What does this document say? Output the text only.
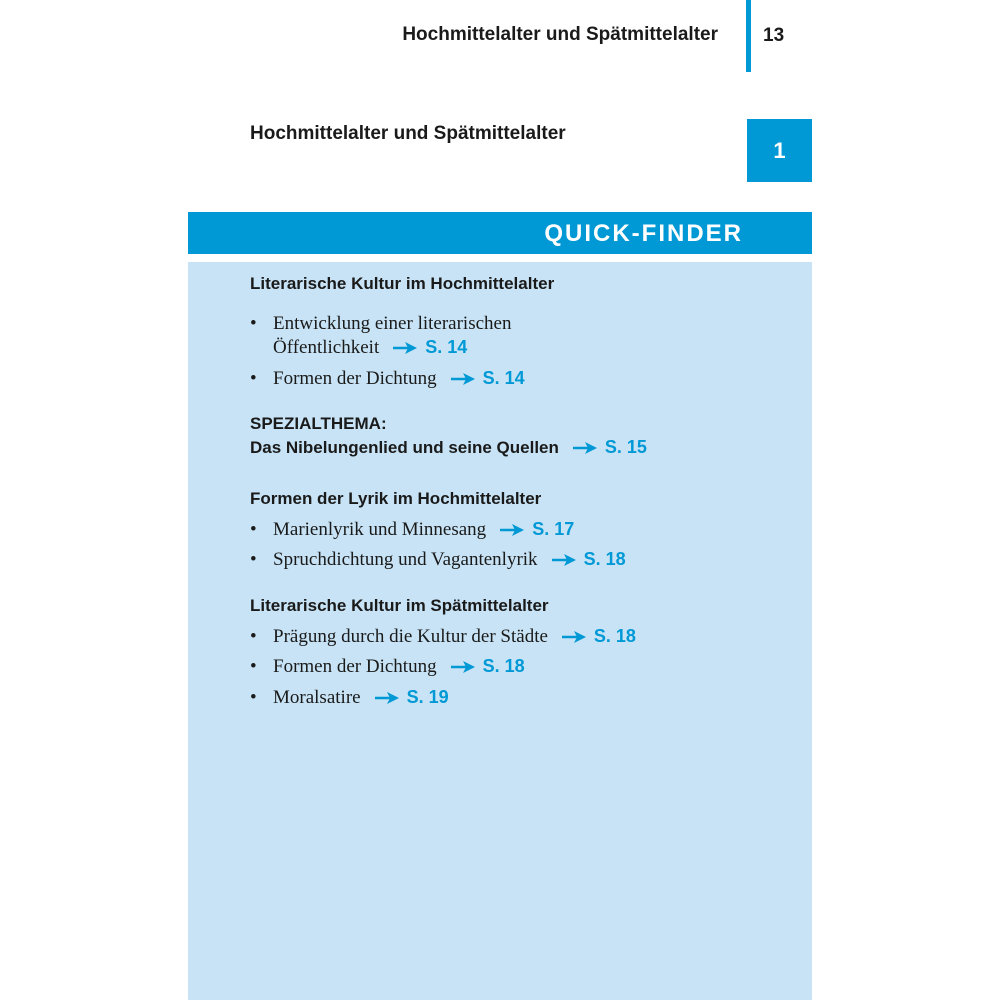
Hochmittelalter und Spätmittelalter 13
Hochmittelalter und Spätmittelalter
1
QUICK-FINDER
Literarische Kultur im Hochmittelalter
• Entwicklung einer literarischen
Öffentlichkeit	S. 14
• Formen der Dichtung	S. 14
SPEZIALTHEMA:
Das Nibelungenlied und seine Quellen	S. 15
Formen der Lyrik im Hochmittelalter
• Marienlyrik und Minnesang	S. 17
• Spruchdichtung und Vagantenlyrik	S. 18
Literarische Kultur im Spätmittelalter
• Prägung durch die Kultur der Städte	S. 18
• Formen der Dichtung	S. 18
• Moralsatire	S. 19
